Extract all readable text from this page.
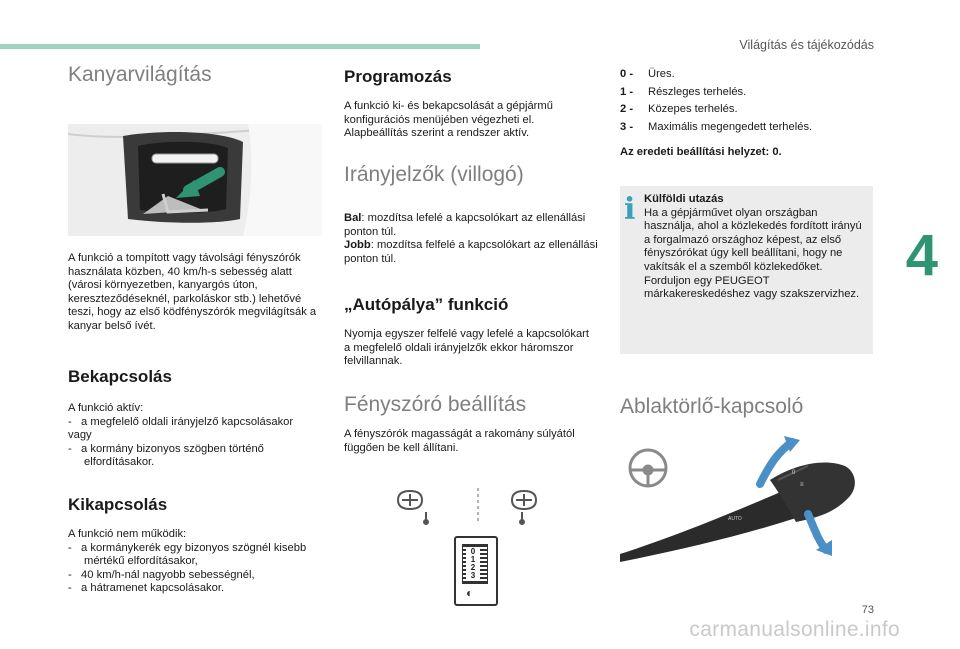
Világítás és tájékozódás
4
Kanyarvilágítás

A funkció a tompított vagy távolsági fényszórók használata közben, 40 km/h-s sebesség alatt (városi környezetben, kanyargós úton, kereszteződéseknél, parkoláskor stb.) lehetővé teszi, hogy az első ködfényszórók megvilágítsák a kanyar belső ívét.

Bekapcsolás

A funkció aktív:

-   a megfelelő oldali irányjelző kapcsolásakor

vagy

-   a kormány bizonyos szögben történő elfordításakor.

Kikapcsolás

A funkció nem működik:

-   a kormánykerék egy bizonyos szögnél kisebb mértékű elfordításakor,

-   40 km/h-nál nagyobb sebességnél,

-   a hátramenet kapcsolásakor.

Programozás

A funkció ki- és bekapcsolását a gépjármű konfigurációs menüjében végezheti el. Alapbeállítás szerint a rendszer aktív.

Irányjelzők (villogó)

Bal: mozdítsa lefelé a kapcsolókart az ellenállási ponton túl.

Jobb: mozdítsa felfelé a kapcsolókart az ellenállási ponton túl.

„Autópálya” funkció

Nyomja egyszer felfelé vagy lefelé a kapcsolókart a megfelelő oldali irányjelzők ekkor háromszor felvillannak.

Fényszóró beállítás

A fényszórók magasságát a rakomány súlyától függően be kell állítani.

0
1
2
3
◐
0 -	Üres.
1 -	Részleges terhelés.
2 -	Közepes terhelés.
3 -	Maximális megengedett terhelés.

Az eredeti beállítási helyzet: 0.

i Külföldi utazás

Ha a gépjárművet olyan országban használja, ahol a közlekedés fordított irányú a forgalmazó országhoz képest, az első fényszórókat úgy kell beállítani, hogy ne vakítsák el a szemből közlekedőket. Forduljon egy PEUGEOT márkakereskedéshez vagy szakszervizhez.

Ablaktörlő-kapcsoló
0
≡
AUTO
73
carmanualsonline.info
